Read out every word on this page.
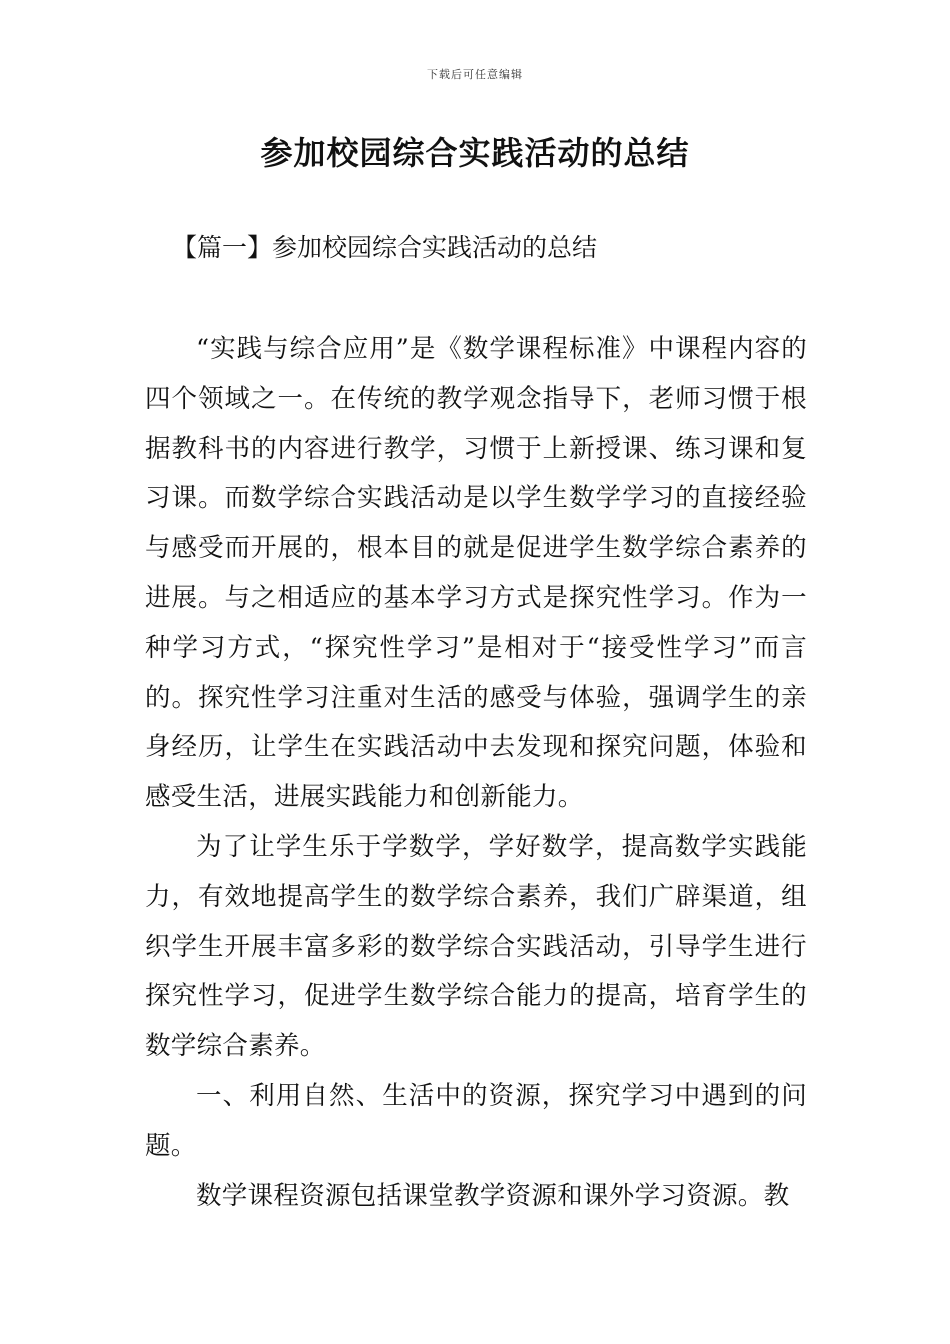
下载后可任意编辑
参加校园综合实践活动的总结
【篇一】参加校园综合实践活动的总结

“实践与综合应用”是《数学课程标准》中课程内容的四个领域之一。在传统的教学观念指导下，老师习惯于根据教科书的内容进行教学，习惯于上新授课、练习课和复习课。而数学综合实践活动是以学生数学学习的直接经验与感受而开展的，根本目的就是促进学生数学综合素养的进展。与之相适应的基本学习方式是探究性学习。作为一种学习方式，“探究性学习”是相对于“接受性学习”而言的。探究性学习注重对生活的感受与体验，强调学生的亲身经历，让学生在实践活动中去发现和探究问题，体验和感受生活，进展实践能力和创新能力。

为了让学生乐于学数学，学好数学，提高数学实践能力，有效地提高学生的数学综合素养，我们广辟渠道，组织学生开展丰富多彩的数学综合实践活动，引导学生进行探究性学习，促进学生数学综合能力的提高，培育学生的数学综合素养。

一、利用自然、生活中的资源，探究学习中遇到的问题。

数学课程资源包括课堂教学资源和课外学习资源。教
